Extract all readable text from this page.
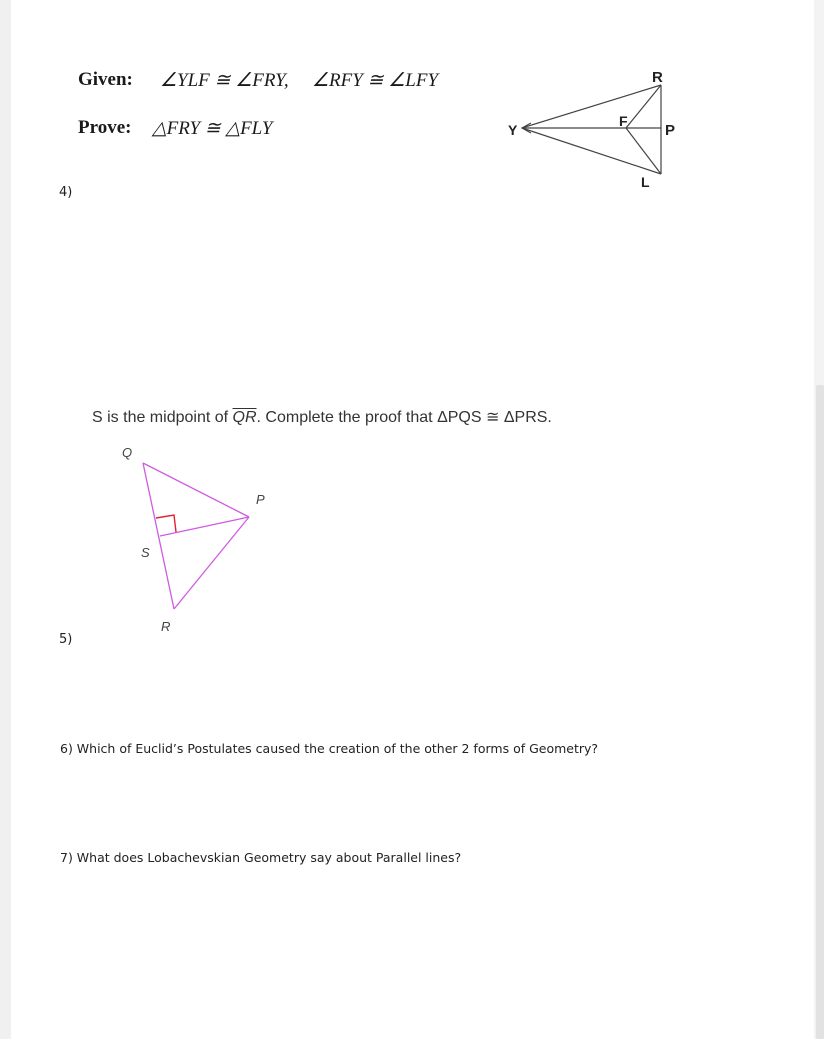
Given: ∠YLF ≅ ∠FRY, ∠RFY ≅ ∠LFY
Prove: △FRY ≅ △FLY
4)
R
F
P
Y
L
S is the midpoint of $\overline{QR}$. Complete the proof that ΔPQS ≅ ΔPRS.
Q
P
S
R
5)
6) Which of Euclid’s Postulates caused the creation of the other 2 forms of Geometry?
7) What does Lobachevskian Geometry say about Parallel lines?
